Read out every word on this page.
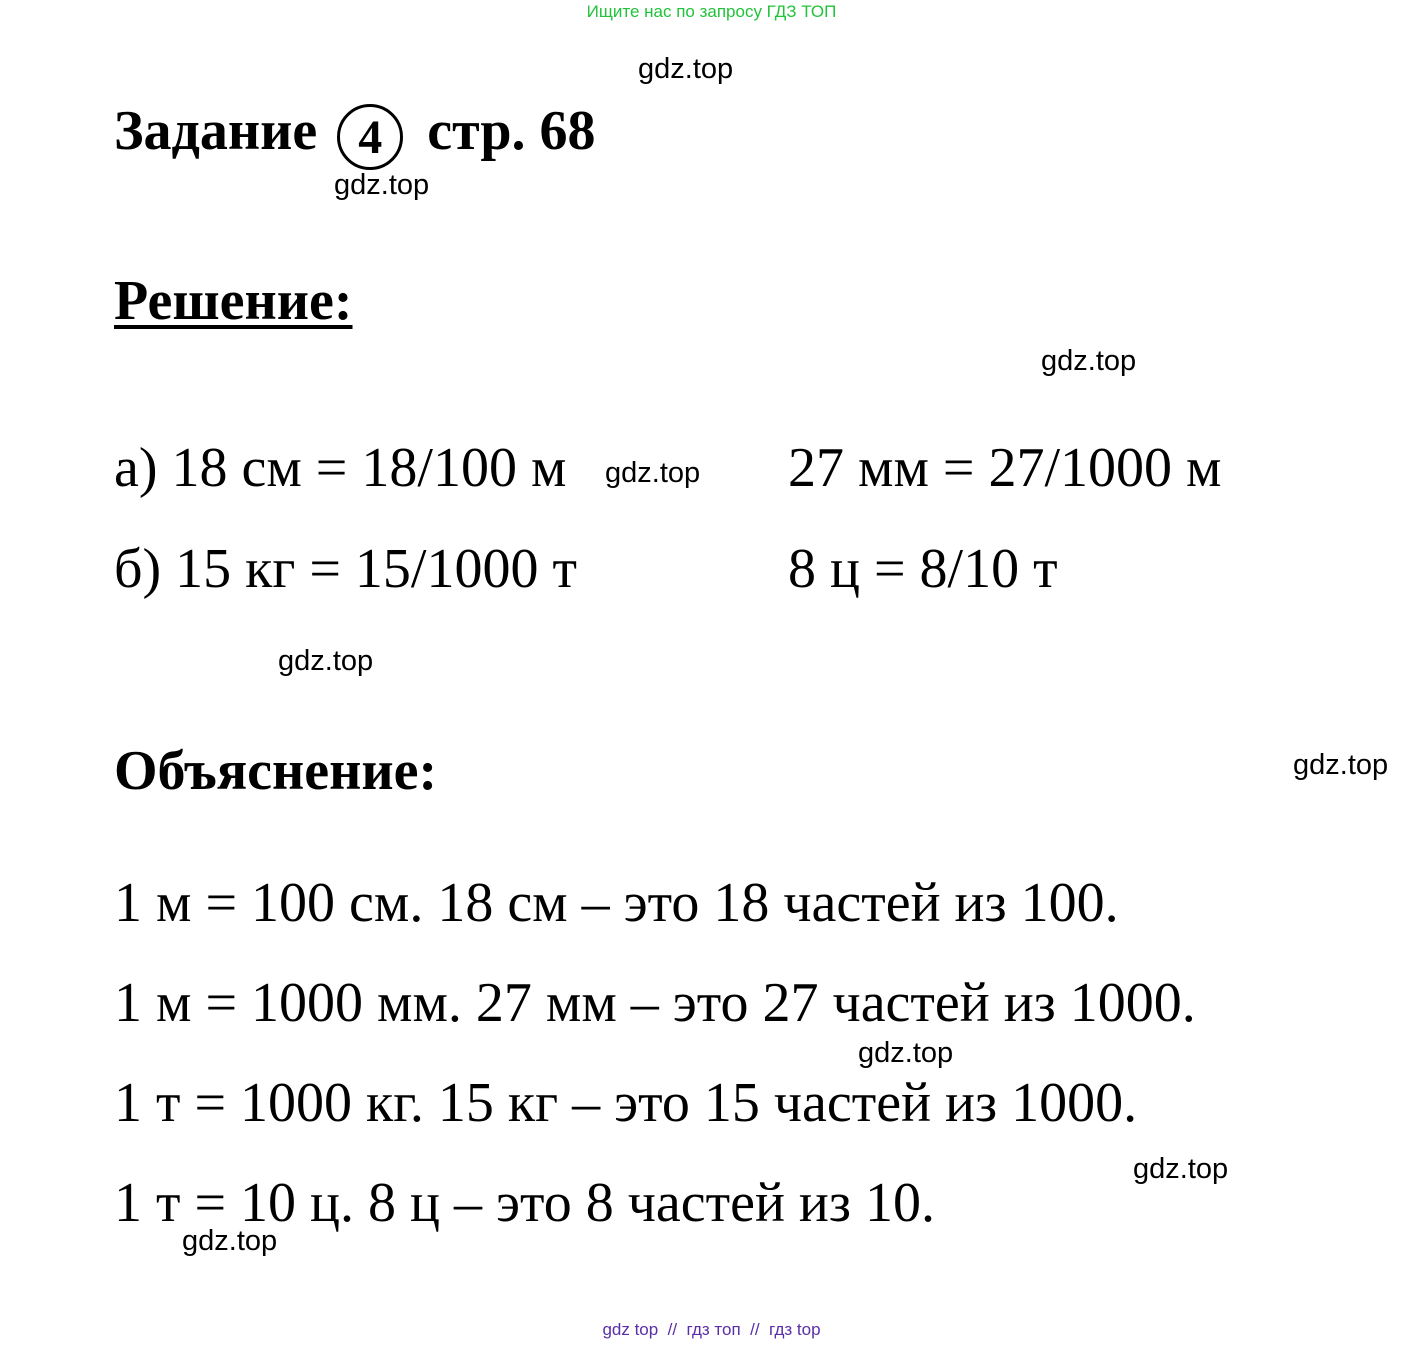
Ищите нас по запросу ГДЗ ТОП
Задание 4 стр. 68
Решение:
а) 18 см = 18/100 м	27 мм = 27/1000 м
б) 15 кг = 15/1000 т	8 ц = 8/10 т
Объяснение:
1 м = 100 см. 18 см – это 18 частей из 100.
1 м = 1000 мм. 27 мм – это 27 частей из 1000.
1 т = 1000 кг. 15 кг – это 15 частей из 1000.
1 т = 10 ц. 8 ц – это 8 частей из 10.
gdz.top
gdz.top
gdz.top
gdz.top
gdz.top
gdz.top
gdz.top
gdz.top
gdz.top
gdz top  //  гдз топ  //  гдз top
